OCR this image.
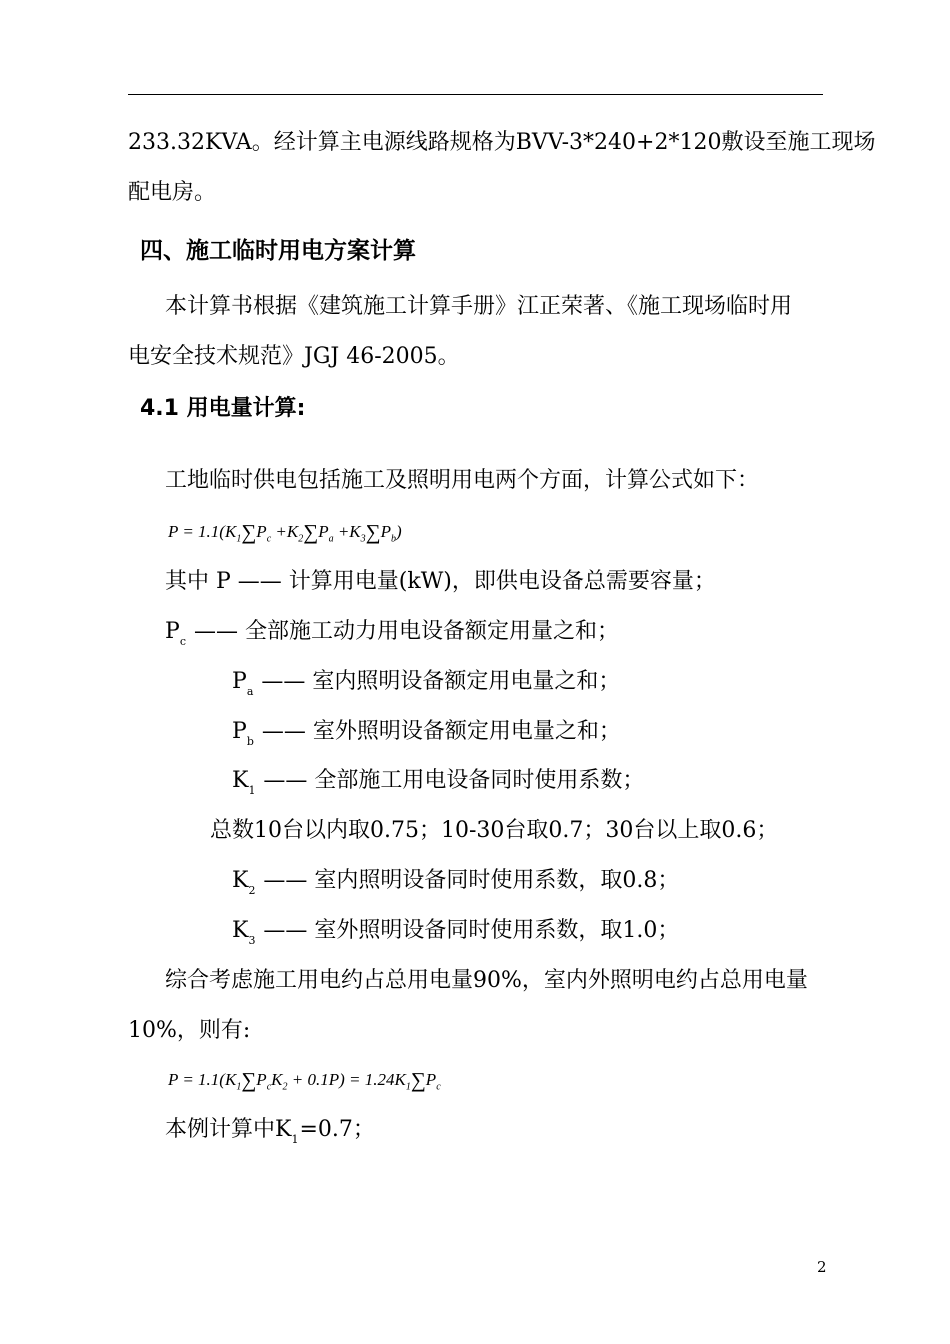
233.32KVA。经计算主电源线路规格为BVV-3*240+2*120敷设至施工现场
配电房。
四、施工临时用电方案计算
本计算书根据《建筑施工计算手册》江正荣著、《施工现场临时用
电安全技术规范》JGJ 46-2005。
4.1 用电量计算:
工地临时供电包括施工及照明用电两个方面，计算公式如下：
$P = 1.1(K_1\sum P_c +K_2\sum P_a +K_3\sum P_b)$
其中 P —— 计算用电量(kW)，即供电设备总需要容量；
$P_c$ —— 全部施工动力用电设备额定用量之和；
$P_a$ —— 室内照明设备额定用电量之和；
$P_b$ —— 室外照明设备额定用电量之和；
$K_1$ —— 全部施工用电设备同时使用系数；
总数10台以内取0.75；10-30台取0.7；30台以上取0.6；
$K_2$ —— 室内照明设备同时使用系数，取0.8；
$K_3$ —— 室外照明设备同时使用系数，取1.0；
综合考虑施工用电约占总用电量90%，室内外照明电约占总用电量
10%，则有:
$P = 1.1(K_1\sum P_cK_2 + 0.1P) = 1.24K_1\sum P_c$
本例计算中$K_1=0.7$；
2
